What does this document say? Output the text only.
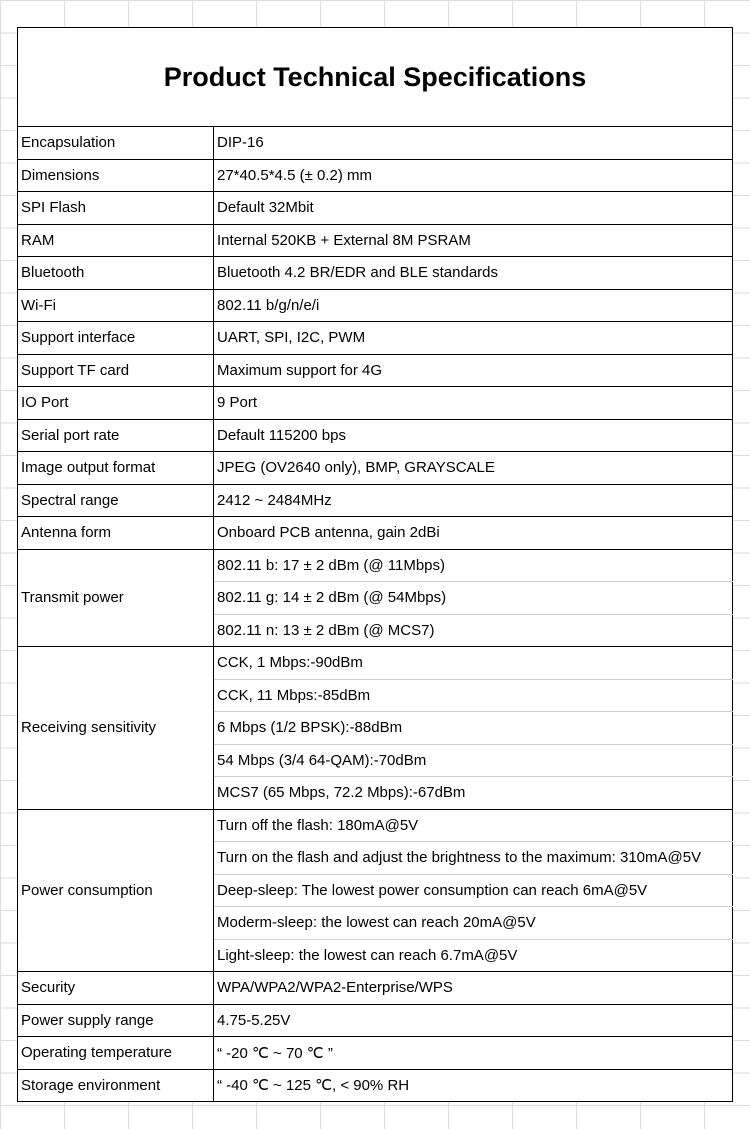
Product Technical Specifications
Encapsulation	DIP-16
Dimensions	27*40.5*4.5 (± 0.2) mm
SPI Flash	Default 32Mbit
RAM	Internal 520KB + External 8M PSRAM
Bluetooth	Bluetooth 4.2 BR/EDR and BLE standards
Wi-Fi	802.11 b/g/n/e/i
Support interface	UART, SPI, I2C, PWM
Support TF card	Maximum support for 4G
IO Port	9 Port
Serial port rate	Default 115200 bps
Image output format	JPEG (OV2640 only), BMP, GRAYSCALE
Spectral range	2412 ~ 2484MHz
Antenna form	Onboard PCB antenna, gain 2dBi
Transmit power	802.11 b: 17 ± 2 dBm (@ 11Mbps)
	802.11 g: 14 ± 2 dBm (@ 54Mbps)
	802.11 n: 13 ± 2 dBm (@ MCS7)
Receiving sensitivity	CCK, 1 Mbps:-90dBm
	CCK, 11 Mbps:-85dBm
	6 Mbps (1/2 BPSK):-88dBm
	54 Mbps (3/4 64-QAM):-70dBm
	MCS7 (65 Mbps, 72.2 Mbps):-67dBm
Power consumption	Turn off the flash: 180mA@5V
	Turn on the flash and adjust the brightness to the maximum: 310mA@5V
	Deep-sleep: The lowest power consumption can reach 6mA@5V
	Moderm-sleep: the lowest can reach 20mA@5V
	Light-sleep: the lowest can reach 6.7mA@5V
Security	WPA/WPA2/WPA2-Enterprise/WPS
Power supply range	4.75-5.25V
Operating temperature	“ -20 ℃ ~ 70 ℃ ”
Storage environment	“ -40 ℃ ~ 125 ℃, < 90% RH
